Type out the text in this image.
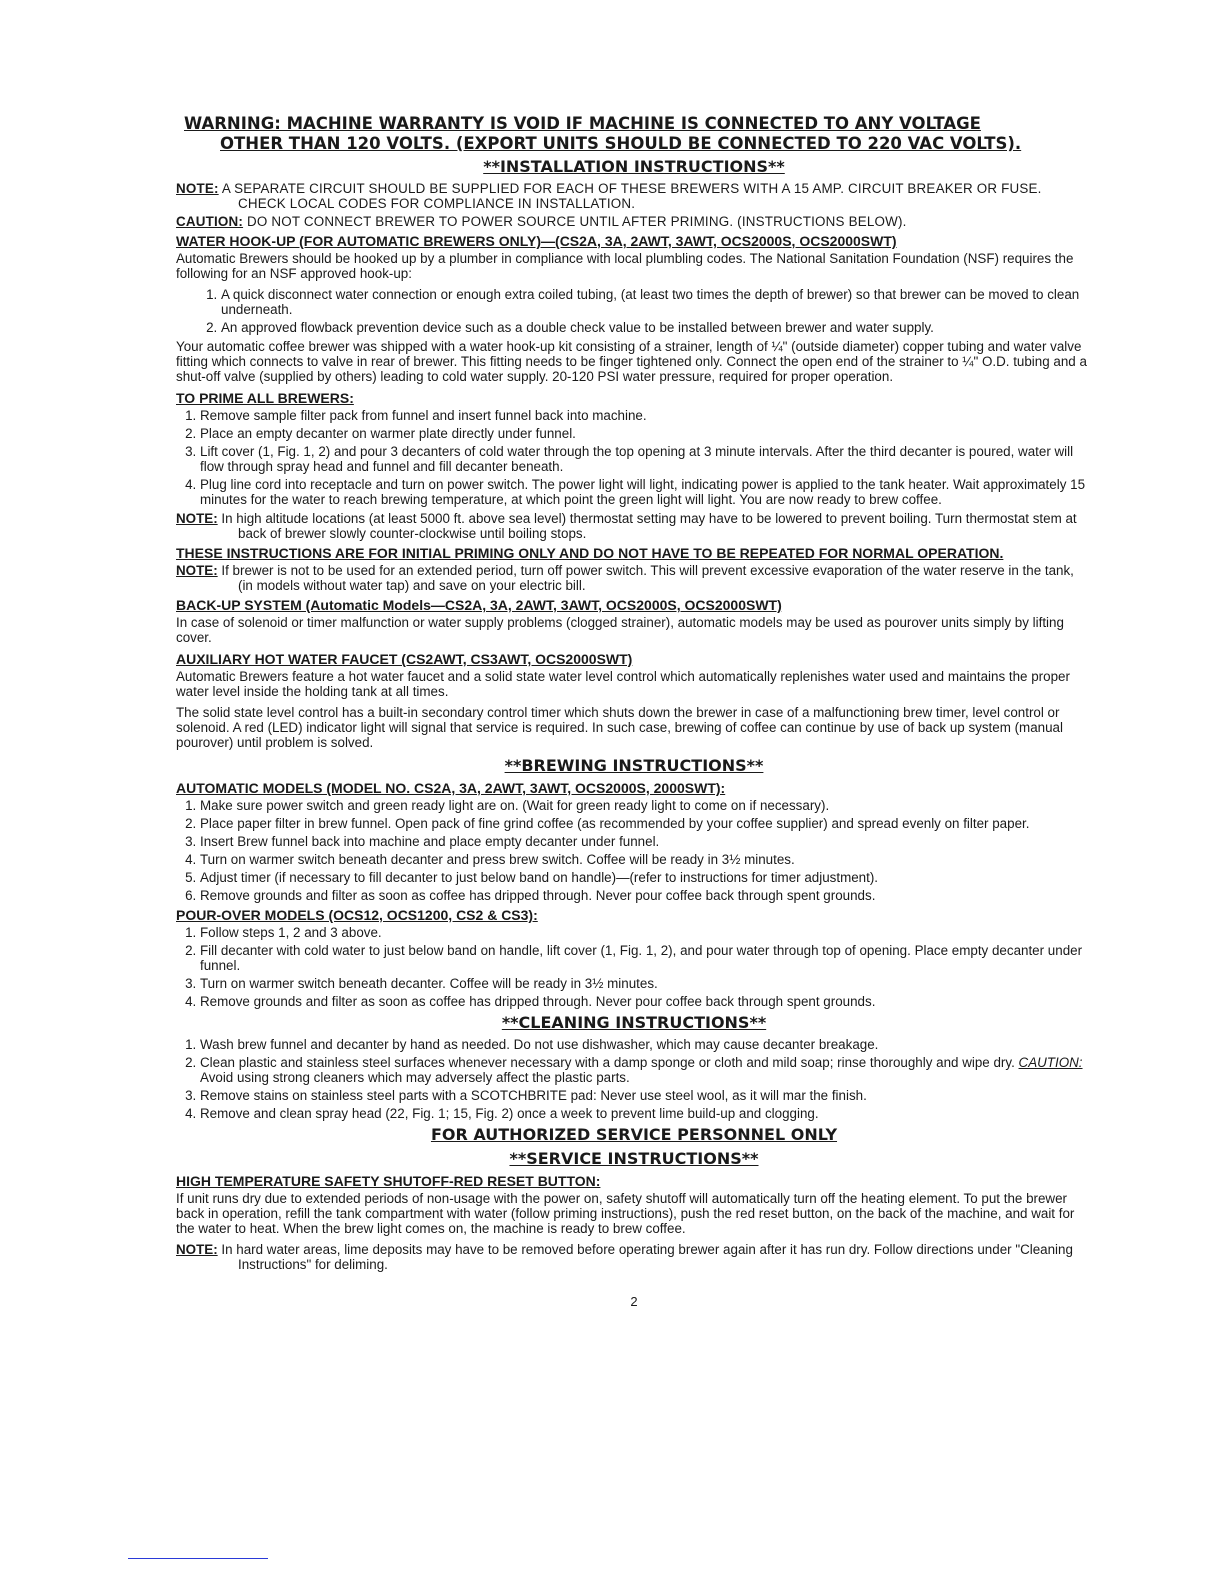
WARNING: MACHINE WARRANTY IS VOID IF MACHINE IS CONNECTED TO ANY VOLTAGE
OTHER THAN 120 VOLTS. (EXPORT UNITS SHOULD BE CONNECTED TO 220 VAC VOLTS).
**INSTALLATION INSTRUCTIONS**
NOTE: A SEPARATE CIRCUIT SHOULD BE SUPPLIED FOR EACH OF THESE BREWERS WITH A 15 AMP. CIRCUIT BREAKER OR FUSE. CHECK LOCAL CODES FOR COMPLIANCE IN INSTALLATION.
CAUTION: DO NOT CONNECT BREWER TO POWER SOURCE UNTIL AFTER PRIMING. (INSTRUCTIONS BELOW).
WATER HOOK-UP (FOR AUTOMATIC BREWERS ONLY)—(CS2A, 3A, 2AWT, 3AWT, OCS2000S, OCS2000SWT)

Automatic Brewers should be hooked up by a plumber in compliance with local plumbling codes. The National Sanitation Foundation (NSF) requires the following for an NSF approved hook-up:

1. A quick disconnect water connection or enough extra coiled tubing, (at least two times the depth of brewer) so that brewer can be moved to clean underneath.
2. An approved flowback prevention device such as a double check value to be installed between brewer and water supply.

Your automatic coffee brewer was shipped with a water hook-up kit consisting of a strainer, length of ¼" (outside diameter) copper tubing and water valve fitting which connects to valve in rear of brewer. This fitting needs to be finger tightened only. Connect the open end of the strainer to ¼" O.D. tubing and a shut-off valve (supplied by others) leading to cold water supply. 20-120 PSI water pressure, required for proper operation.

TO PRIME ALL BREWERS:
1. Remove sample filter pack from funnel and insert funnel back into machine.
2. Place an empty decanter on warmer plate directly under funnel.
3. Lift cover (1, Fig. 1, 2) and pour 3 decanters of cold water through the top opening at 3 minute intervals. After the third decanter is poured, water will flow through spray head and funnel and fill decanter beneath.
4. Plug line cord into receptacle and turn on power switch. The power light will light, indicating power is applied to the tank heater. Wait approximately 15 minutes for the water to reach brewing temperature, at which point the green light will light. You are now ready to brew coffee.
NOTE: In high altitude locations (at least 5000 ft. above sea level) thermostat setting may have to be lowered to prevent boiling. Turn thermostat stem at back of brewer slowly counter-clockwise until boiling stops.
THESE INSTRUCTIONS ARE FOR INITIAL PRIMING ONLY AND DO NOT HAVE TO BE REPEATED FOR NORMAL OPERATION.
NOTE: If brewer is not to be used for an extended period, turn off power switch. This will prevent excessive evaporation of the water reserve in the tank, (in models without water tap) and save on your electric bill.
BACK-UP SYSTEM (Automatic Models—CS2A, 3A, 2AWT, 3AWT, OCS2000S, OCS2000SWT)

In case of solenoid or timer malfunction or water supply problems (clogged strainer), automatic models may be used as pourover units simply by lifting cover.

AUXILIARY HOT WATER FAUCET (CS2AWT, CS3AWT, OCS2000SWT)

Automatic Brewers feature a hot water faucet and a solid state water level control which automatically replenishes water used and maintains the proper water level inside the holding tank at all times.

The solid state level control has a built-in secondary control timer which shuts down the brewer in case of a malfunctioning brew timer, level control or solenoid. A red (LED) indicator light will signal that service is required. In such case, brewing of coffee can continue by use of back up system (manual pourover) until problem is solved.

**BREWING INSTRUCTIONS**
AUTOMATIC MODELS (MODEL NO. CS2A, 3A, 2AWT, 3AWT, OCS2000S, 2000SWT):
1. Make sure power switch and green ready light are on. (Wait for green ready light to come on if necessary).
2. Place paper filter in brew funnel. Open pack of fine grind coffee (as recommended by your coffee supplier) and spread evenly on filter paper.
3. Insert Brew funnel back into machine and place empty decanter under funnel.
4. Turn on warmer switch beneath decanter and press brew switch. Coffee will be ready in 3½ minutes.
5. Adjust timer (if necessary to fill decanter to just below band on handle)—(refer to instructions for timer adjustment).
6. Remove grounds and filter as soon as coffee has dripped through. Never pour coffee back through spent grounds.
POUR-OVER MODELS (OCS12, OCS1200, CS2 & CS3):
1. Follow steps 1, 2 and 3 above.
2. Fill decanter with cold water to just below band on handle, lift cover (1, Fig. 1, 2), and pour water through top of opening. Place empty decanter under funnel.
3. Turn on warmer switch beneath decanter. Coffee will be ready in 3½ minutes.
4. Remove grounds and filter as soon as coffee has dripped through. Never pour coffee back through spent grounds.
**CLEANING INSTRUCTIONS**
1. Wash brew funnel and decanter by hand as needed. Do not use dishwasher, which may cause decanter breakage.
2. Clean plastic and stainless steel surfaces whenever necessary with a damp sponge or cloth and mild soap; rinse thoroughly and wipe dry. CAUTION: Avoid using strong cleaners which may adversely affect the plastic parts.
3. Remove stains on stainless steel parts with a SCOTCHBRITE pad: Never use steel wool, as it will mar the finish.
4. Remove and clean spray head (22, Fig. 1; 15, Fig. 2) once a week to prevent lime build-up and clogging.
FOR AUTHORIZED SERVICE PERSONNEL ONLY
**SERVICE INSTRUCTIONS**
HIGH TEMPERATURE SAFETY SHUTOFF-RED RESET BUTTON:

If unit runs dry due to extended periods of non-usage with the power on, safety shutoff will automatically turn off the heating element. To put the brewer back in operation, refill the tank compartment with water (follow priming instructions), push the red reset button, on the back of the machine, and wait for the water to heat. When the brew light comes on, the machine is ready to brew coffee.

NOTE: In hard water areas, lime deposits may have to be removed before operating brewer again after it has run dry. Follow directions under "Cleaning Instructions" for deliming.
2
